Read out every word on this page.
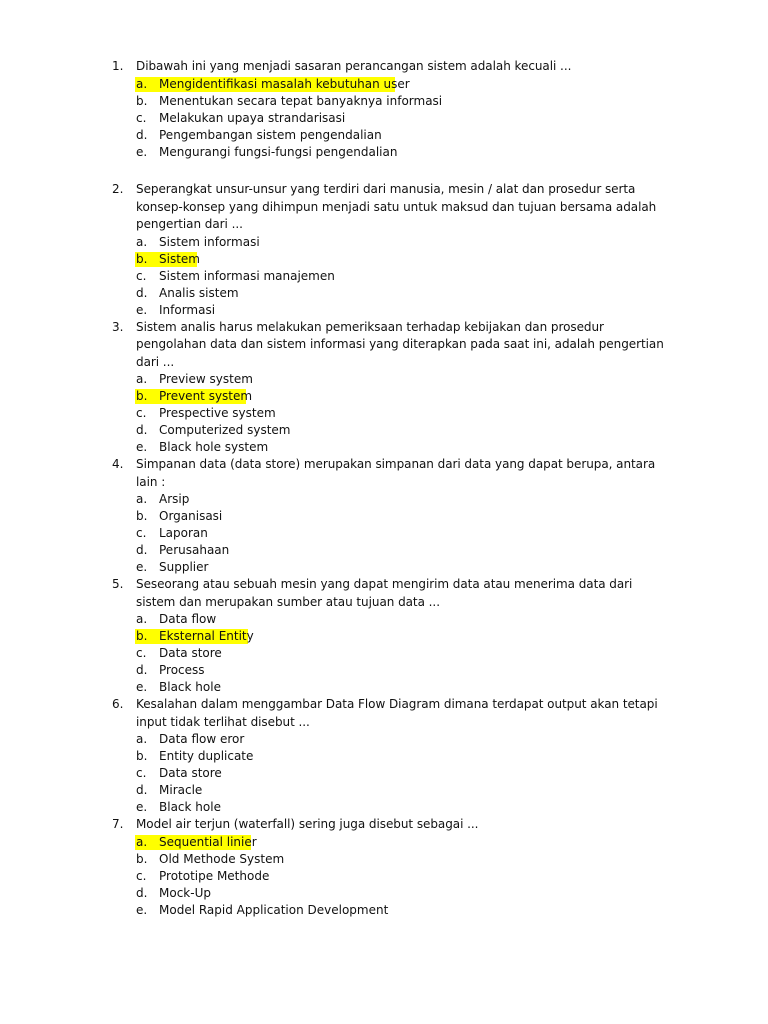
1.	Dibawah ini yang menjadi sasaran perancangan sistem adalah kecuali ...
a. Mengidentifikasi masalah kebutuhan user
b. Menentukan secara tepat banyaknya informasi
c. Melakukan upaya strandarisasi
d. Pengembangan sistem pengendalian
e. Mengurangi fungsi-fungsi pengendalian
2.	Seperangkat unsur-unsur yang terdiri dari manusia, mesin / alat dan prosedur serta konsep-konsep yang dihimpun menjadi satu untuk maksud dan tujuan bersama adalah pengertian dari ...
a. Sistem informasi
b. Sistem
c. Sistem informasi manajemen
d. Analis sistem
e. Informasi
3.	Sistem analis harus melakukan pemeriksaan terhadap kebijakan dan prosedur pengolahan data dan sistem informasi yang diterapkan pada saat ini, adalah pengertian dari ...
a. Preview system
b. Prevent system
c. Prespective system
d. Computerized system
e. Black hole system
4.	Simpanan data (data store) merupakan simpanan dari data yang dapat berupa, antara lain :
a. Arsip
b. Organisasi
c. Laporan
d. Perusahaan
e. Supplier
5.	Seseorang atau sebuah mesin yang dapat mengirim data atau menerima data dari sistem dan merupakan sumber atau tujuan data ...
a. Data flow
b. Eksternal Entity
c. Data store
d. Process
e. Black hole
6.	Kesalahan dalam menggambar Data Flow Diagram dimana terdapat output akan tetapi input tidak terlihat disebut ...
a. Data flow eror
b. Entity duplicate
c. Data store
d. Miracle
e. Black hole
7.	Model air terjun (waterfall) sering juga disebut sebagai ...
a. Sequential linier
b. Old Methode System
c. Prototipe Methode
d. Mock-Up
e. Model Rapid Application Development
